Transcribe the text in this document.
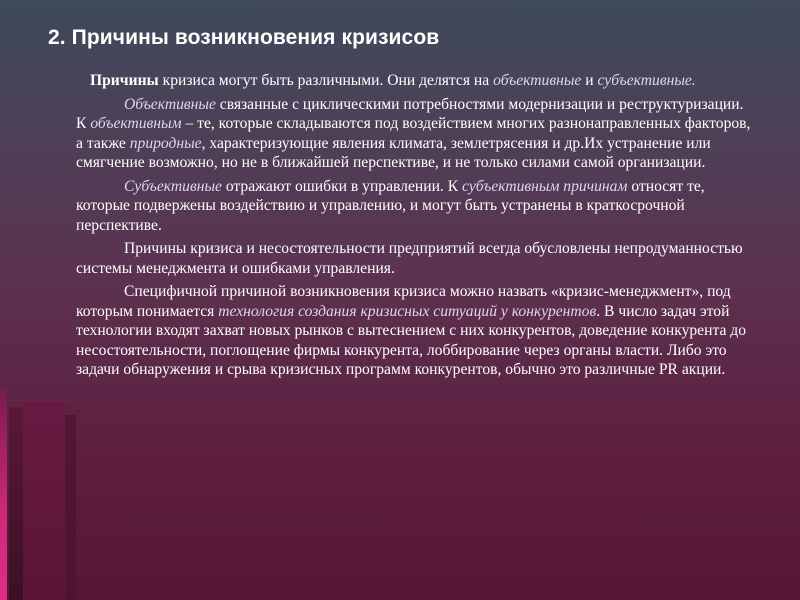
2. Причины возникновения кризисов

Причины кризиса могут быть различными. Они делятся на объективные и субъективные.

Объективные связанные с циклическими потребностями модернизации и реструктуризации. К объективным – те, которые складываются под воздействием многих разнонаправленных факторов, а также природные, характеризующие явления климата, землетрясения и др.Их устранение или смягчение возможно, но не в ближайшей перспективе, и не только силами самой организации.

Субъективные отражают ошибки в управлении. К субъективным причинам относят те, которые подвержены воздействию и управлению, и могут быть устранены в краткосрочной перспективе.

Причины кризиса и несостоятельности предприятий всегда обусловлены непродуманностью системы менеджмента и ошибками управления.

Специфичной причиной возникновения кризиса можно назвать «кризис-менеджмент», под которым понимается технология создания кризисных ситуаций у конкурентов. В число задач этой технологии входят захват новых рынков с вытеснением с них конкурентов, доведение конкурента до несостоятельности, поглощение фирмы конкурента, лоббирование через органы власти. Либо это задачи обнаружения и срыва кризисных программ конкурентов, обычно это различные PR акции.
